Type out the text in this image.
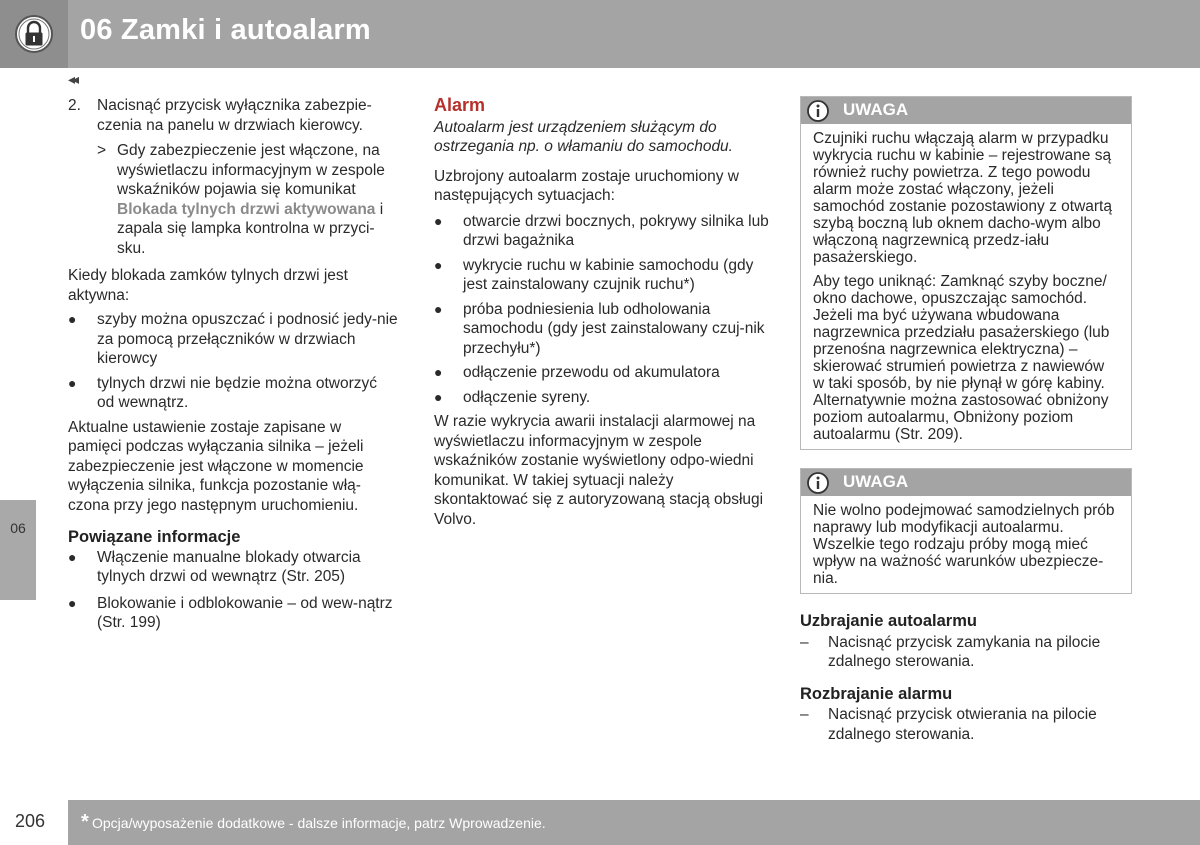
06 Zamki i autoalarm
◂◂
06
2. Nacisnąć przycisk wyłącznika zabezpie-czenia na panelu w drzwiach kierowcy.
> Gdy zabezpieczenie jest włączone, na wyświetlaczu informacyjnym w zespole wskaźników pojawia się komunikat Blokada tylnych drzwi aktywowana i zapala się lampka kontrolna w przyci-sku.

Kiedy blokada zamków tylnych drzwi jest aktywna:

● szyby można opuszczać i podnosić jedy-nie za pomocą przełączników w drzwiach kierowcy
● tylnych drzwi nie będzie można otworzyć od wewnątrz.

Aktualne ustawienie zostaje zapisane w pamięci podczas wyłączania silnika – jeżeli zabezpieczenie jest włączone w momencie wyłączenia silnika, funkcja pozostanie włą-czona przy jego następnym uruchomieniu.

Powiązane informacje
● Włączenie manualne blokady otwarcia tylnych drzwi od wewnątrz (Str. 205)
● Blokowanie i odblokowanie – od wew-nątrz (Str. 199)
Alarm

Autoalarm jest urządzeniem służącym do ostrzegania np. o włamaniu do samochodu.

Uzbrojony autoalarm zostaje uruchomiony w następujących sytuacjach:

● otwarcie drzwi bocznych, pokrywy silnika lub drzwi bagażnika
● wykrycie ruchu w kabinie samochodu (gdy jest zainstalowany czujnik ruchu*)
● próba podniesienia lub odholowania samochodu (gdy jest zainstalowany czuj-nik przechyłu*)
● odłączenie przewodu od akumulatora
● odłączenie syreny.

W razie wykrycia awarii instalacji alarmowej na wyświetlaczu informacyjnym w zespole wskaźników zostanie wyświetlony odpo-wiedni komunikat. W takiej sytuacji należy skontaktować się z autoryzowaną stacją obsługi Volvo.

UWAGA

Czujniki ruchu włączają alarm w przypadku wykrycia ruchu w kabinie – rejestrowane są również ruchy powietrza. Z tego powodu alarm może zostać włączony, jeżeli samochód zostanie pozostawiony z otwartą szybą boczną lub oknem dacho-wym albo włączoną nagrzewnicą przedz-iału pasażerskiego.

Aby tego uniknąć: Zamknąć szyby boczne/ okno dachowe, opuszczając samochód. Jeżeli ma być używana wbudowana nagrzewnica przedziału pasażerskiego (lub przenośna nagrzewnica elektryczna) – skierować strumień powietrza z nawiewów w taki sposób, by nie płynął w górę kabiny. Alternatywnie można zastosować obniżony poziom autoalarmu, Obniżony poziom autoalarmu (Str. 209).

UWAGA

Nie wolno podejmować samodzielnych prób naprawy lub modyfikacji autoalarmu. Wszelkie tego rodzaju próby mogą mieć wpływ na ważność warunków ubezpiecze-nia.

Uzbrajanie autoalarmu
– Nacisnąć przycisk zamykania na pilocie zdalnego sterowania.
Rozbrajanie alarmu
– Nacisnąć przycisk otwierania na pilocie zdalnego sterowania.
206 * Opcja/wyposażenie dodatkowe - dalsze informacje, patrz Wprowadzenie.
